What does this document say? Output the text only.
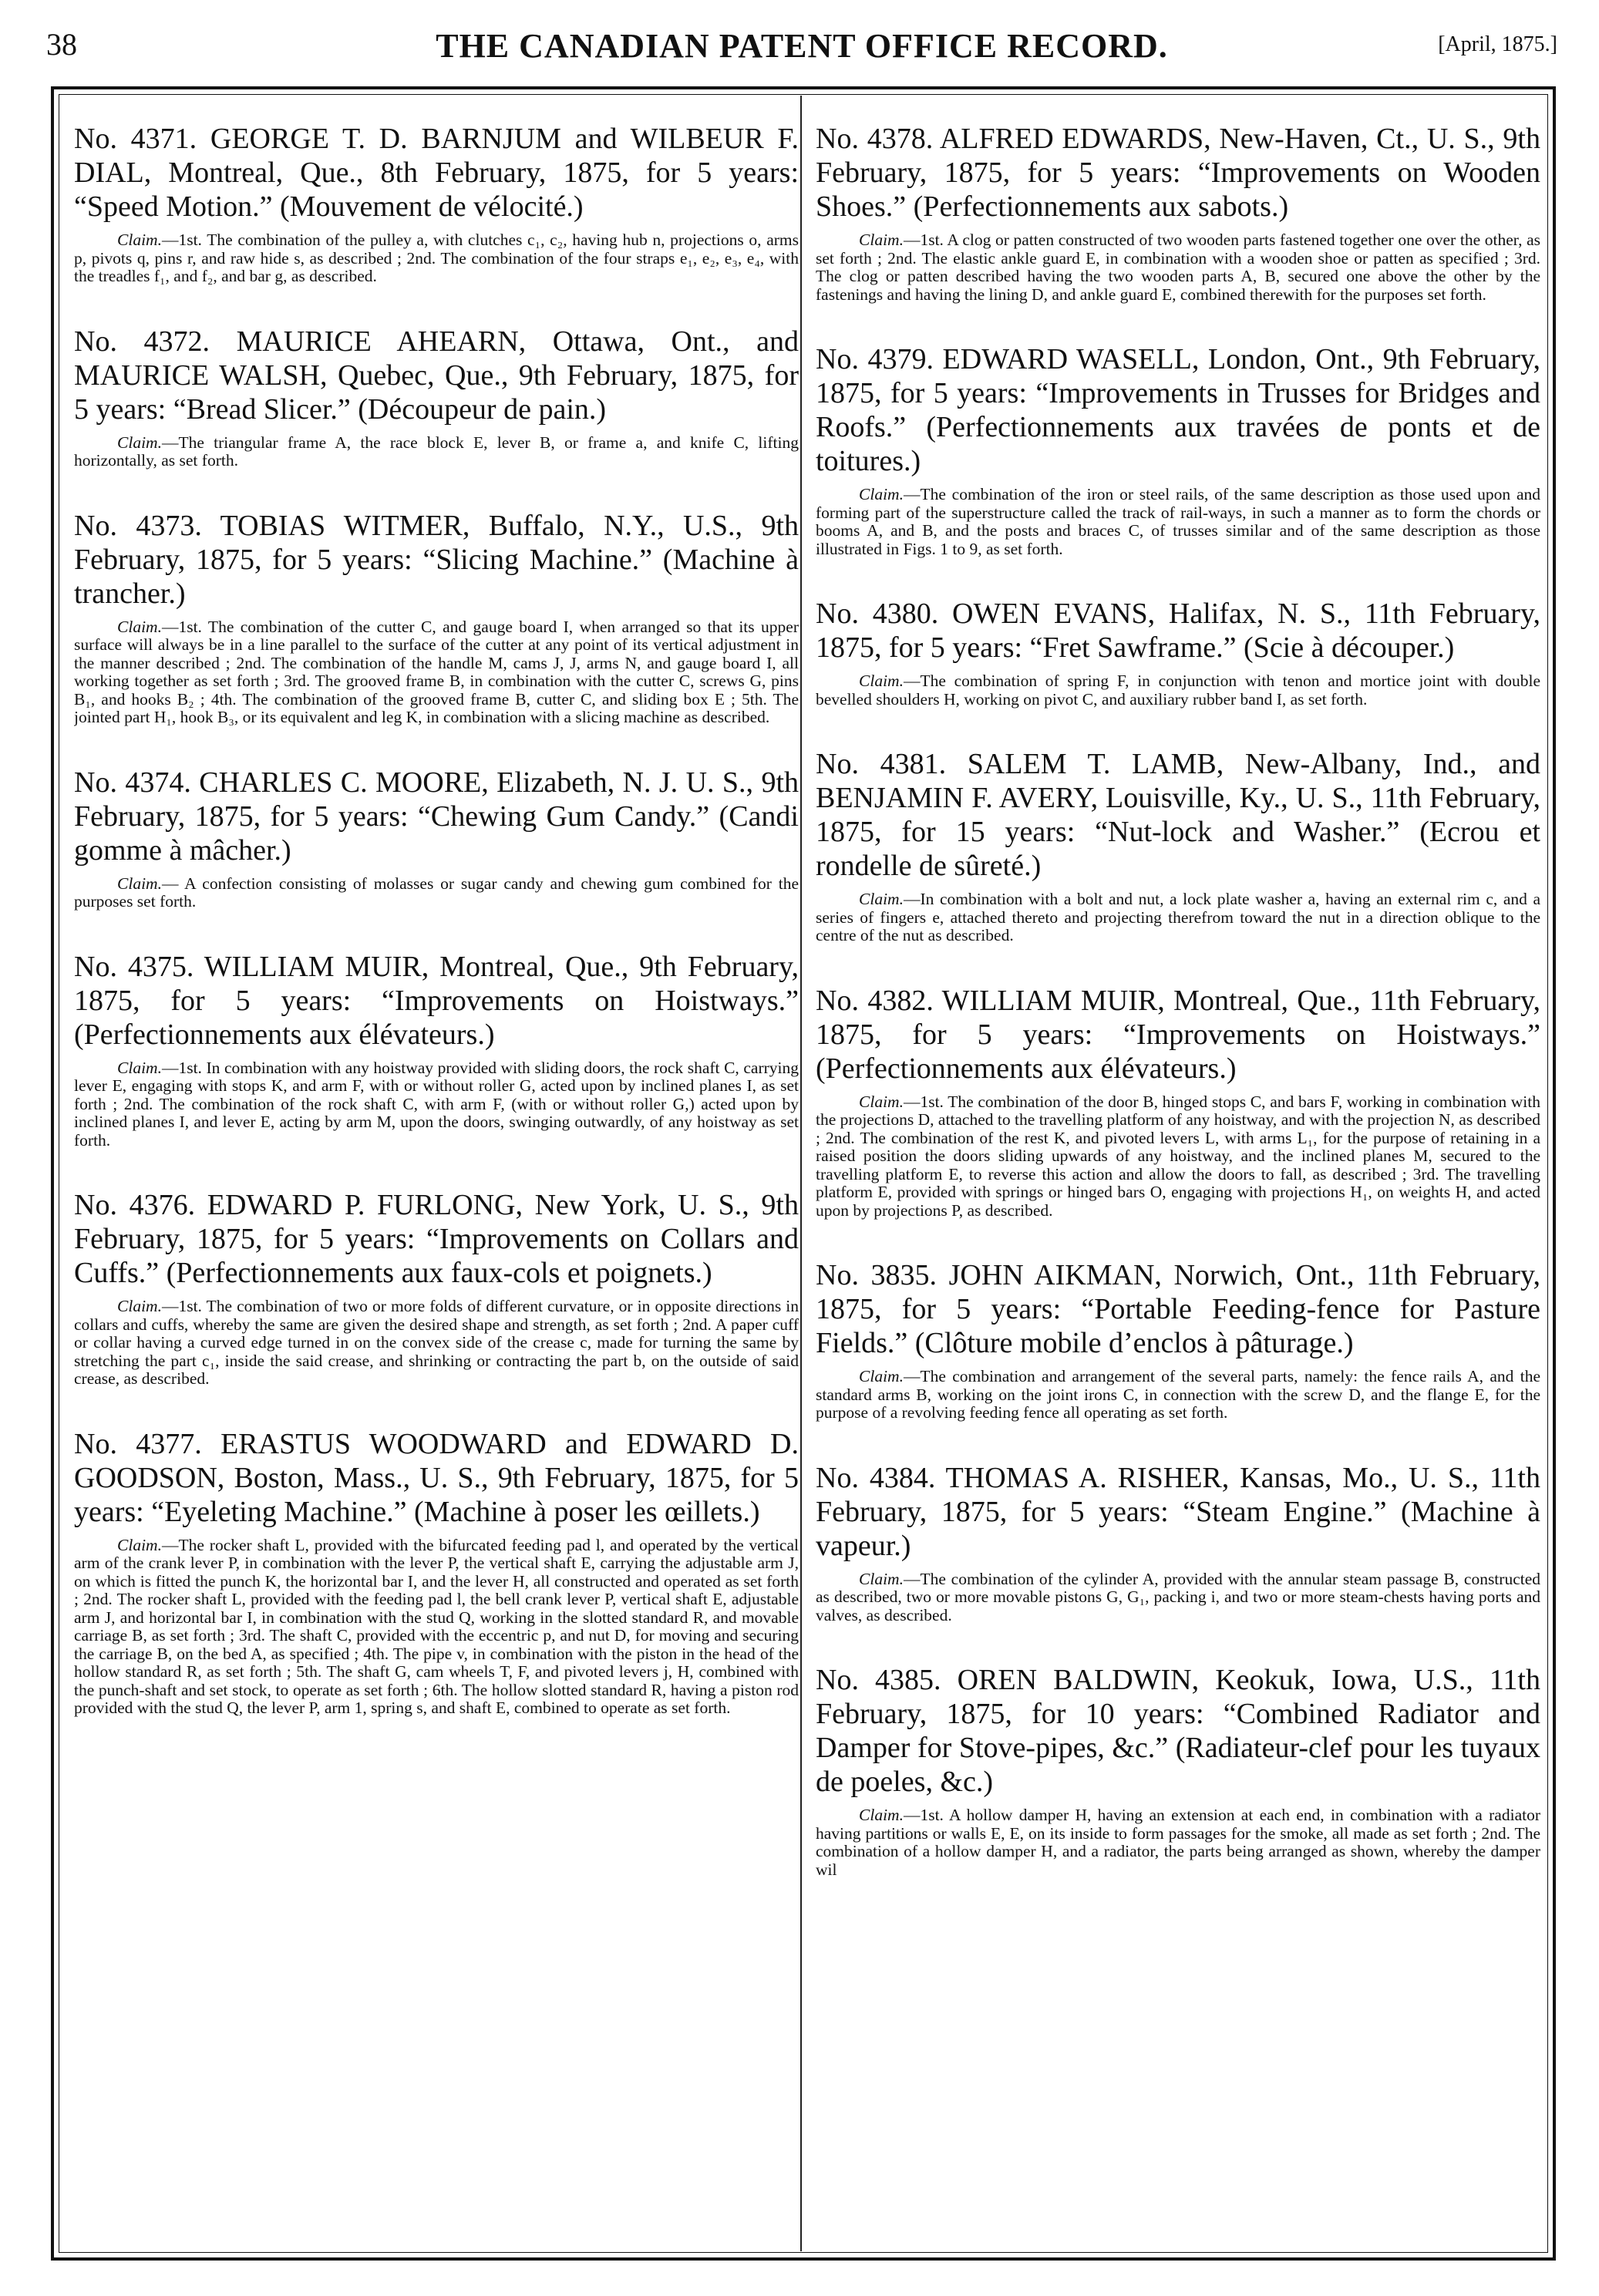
38	THE CANADIAN PATENT OFFICE RECORD.	[April, 1875.]

No. 4371. GEORGE T. D. BARNJUM and WILBEUR F. DIAL, Montreal, Que., 8th February, 1875, for 5 years: “Speed Motion.” (Mouvement de vélocité.)

Claim.—1st. The combination of the pulley a, with clutches c₁, c₂, having hub n, projections o, arms p, pivots q, pins r, and raw hide s, as described ; 2nd. The combination of the four straps e₁, e₂, e₃, e₄, with the treadles f₁, and f₂, and bar g, as described.

No. 4372. MAURICE AHEARN, Ottawa, Ont., and MAURICE WALSH, Quebec, Que., 9th February, 1875, for 5 years: “Bread Slicer.” (Découpeur de pain.)

Claim.—The triangular frame A, the race block E, lever B, or frame a, and knife C, lifting horizontally, as set forth.

No. 4373. TOBIAS WITMER, Buffalo, N.Y., U.S., 9th February, 1875, for 5 years: “Slicing Machine.” (Machine à trancher.)

Claim.—1st. The combination of the cutter C, and gauge board I, when arranged so that its upper surface will always be in a line parallel to the surface of the cutter at any point of its vertical adjustment in the manner described ; 2nd. The combination of the handle M, cams J, J, arms N, and gauge board I, all working together as set forth ; 3rd. The grooved frame B, in combination with the cutter C, screws G, pins B₁, and hooks B₂ ; 4th. The combination of the grooved frame B, cutter C, and sliding box E ; 5th. The jointed part H₁, hook B₃, or its equivalent and leg K, in combination with a slicing machine as described.

No. 4374. CHARLES C. MOORE, Elizabeth, N. J. U. S., 9th February, 1875, for 5 years: “Chewing Gum Candy.” (Candi gomme à mâcher.)

Claim.— A confection consisting of molasses or sugar candy and chewing gum combined for the purposes set forth.

No. 4375. WILLIAM MUIR, Montreal, Que., 9th February, 1875, for 5 years: “Improvements on Hoistways.” (Perfectionnements aux élévateurs.)

Claim.—1st. In combination with any hoistway provided with sliding doors, the rock shaft C, carrying lever E, engaging with stops K, and arm F, with or without roller G, acted upon by inclined planes I, as set forth ; 2nd. The combination of the rock shaft C, with arm F, (with or without roller G,) acted upon by inclined planes I, and lever E, acting by arm M, upon the doors, swinging outwardly, of any hoistway as set forth.

No. 4376. EDWARD P. FURLONG, New York, U. S., 9th February, 1875, for 5 years: “Improvements on Collars and Cuffs.” (Perfectionnements aux faux-cols et poignets.)

Claim.—1st. The combination of two or more folds of different curvature, or in opposite directions in collars and cuffs, whereby the same are given the desired shape and strength, as set forth ; 2nd. A paper cuff or collar having a curved edge turned in on the convex side of the crease c, made for turning the same by stretching the part c₁, inside the said crease, and shrinking or contracting the part b, on the outside of said crease, as described.

No. 4377. ERASTUS WOODWARD and EDWARD D. GOODSON, Boston, Mass., U. S., 9th February, 1875, for 5 years: “Eyeleting Machine.” (Machine à poser les œillets.)

Claim.—The rocker shaft L, provided with the bifurcated feeding pad l, and operated by the vertical arm of the crank lever P, in combination with the lever P, the vertical shaft E, carrying the adjustable arm J, on which is fitted the punch K, the horizontal bar I, and the lever H, all constructed and operated as set forth ; 2nd. The rocker shaft L, provided with the feeding pad l, the bell crank lever P, vertical shaft E, adjustable arm J, and horizontal bar I, in combination with the stud Q, working in the slotted standard R, and movable carriage B, as set forth ; 3rd. The shaft C, provided with the eccentric p, and nut D, for moving and securing the carriage B, on the bed A, as specified ; 4th. The pipe v, in combination with the piston in the head of the hollow standard R, as set forth ; 5th. The shaft G, cam wheels T, F, and pivoted levers j, H, combined with the punch-shaft and set stock, to operate as set forth ; 6th. The hollow slotted standard R, having a piston rod provided with the stud Q, the lever P, arm 1, spring s, and shaft E, combined to operate as set forth.

No. 4378. ALFRED EDWARDS, New-Haven, Ct., U. S., 9th February, 1875, for 5 years: “Improvements on Wooden Shoes.” (Perfectionnements aux sabots.)

Claim.—1st. A clog or patten constructed of two wooden parts fastened together one over the other, as set forth ; 2nd. The elastic ankle guard E, in combination with a wooden shoe or patten as specified ; 3rd. The clog or patten described having the two wooden parts A, B, secured one above the other by the fastenings and having the lining D, and ankle guard E, combined therewith for the purposes set forth.

No. 4379. EDWARD WASELL, London, Ont., 9th February, 1875, for 5 years: “Improvements in Trusses for Bridges and Roofs.” (Perfectionnements aux travées de ponts et de toitures.)

Claim.—The combination of the iron or steel rails, of the same description as those used upon and forming part of the superstructure called the track of rail-ways, in such a manner as to form the chords or booms A, and B, and the posts and braces C, of trusses similar and of the same description as those illustrated in Figs. 1 to 9, as set forth.

No. 4380. OWEN EVANS, Halifax, N. S., 11th February, 1875, for 5 years: “Fret Sawframe.” (Scie à découper.)

Claim.—The combination of spring F, in conjunction with tenon and mortice joint with double bevelled shoulders H, working on pivot C, and auxiliary rubber band I, as set forth.

No. 4381. SALEM T. LAMB, New-Albany, Ind., and BENJAMIN F. AVERY, Louisville, Ky., U. S., 11th February, 1875, for 15 years: “Nut-lock and Washer.” (Ecrou et rondelle de sûreté.)

Claim.—In combination with a bolt and nut, a lock plate washer a, having an external rim c, and a series of fingers e, attached thereto and projecting therefrom toward the nut in a direction oblique to the centre of the nut as described.

No. 4382. WILLIAM MUIR, Montreal, Que., 11th February, 1875, for 5 years: “Improvements on Hoistways.” (Perfectionnements aux élévateurs.)

Claim.—1st. The combination of the door B, hinged stops C, and bars F, working in combination with the projections D, attached to the travelling platform of any hoistway, and with the projection N, as described ; 2nd. The combination of the rest K, and pivoted levers L, with arms L₁, for the purpose of retaining in a raised position the doors sliding upwards of any hoistway, and the inclined planes M, secured to the travelling platform E, to reverse this action and allow the doors to fall, as described ; 3rd. The travelling platform E, provided with springs or hinged bars O, engaging with projections H₁, on weights H, and acted upon by projections P, as described.

No. 3835. JOHN AIKMAN, Norwich, Ont., 11th February, 1875, for 5 years: “Portable Feeding-fence for Pasture Fields.” (Clôture mobile d’enclos à pâturage.)

Claim.—The combination and arrangement of the several parts, namely: the fence rails A, and the standard arms B, working on the joint irons C, in connection with the screw D, and the flange E, for the purpose of a revolving feeding fence all operating as set forth.

No. 4384. THOMAS A. RISHER, Kansas, Mo., U. S., 11th February, 1875, for 5 years: “Steam Engine.” (Machine à vapeur.)

Claim.—The combination of the cylinder A, provided with the annular steam passage B, constructed as described, two or more movable pistons G, G₁, packing i, and two or more steam-chests having ports and valves, as described.

No. 4385. OREN BALDWIN, Keokuk, Iowa, U.S., 11th February, 1875, for 10 years: “Combined Radiator and Damper for Stove-pipes, &c.” (Radiateur-clef pour les tuyaux de poeles, &c.)

Claim.—1st. A hollow damper H, having an extension at each end, in combination with a radiator having partitions or walls E, E, on its inside to form passages for the smoke, all made as set forth ; 2nd. The combination of a hollow damper H, and a radiator, the parts being arranged as shown, whereby the damper wil
